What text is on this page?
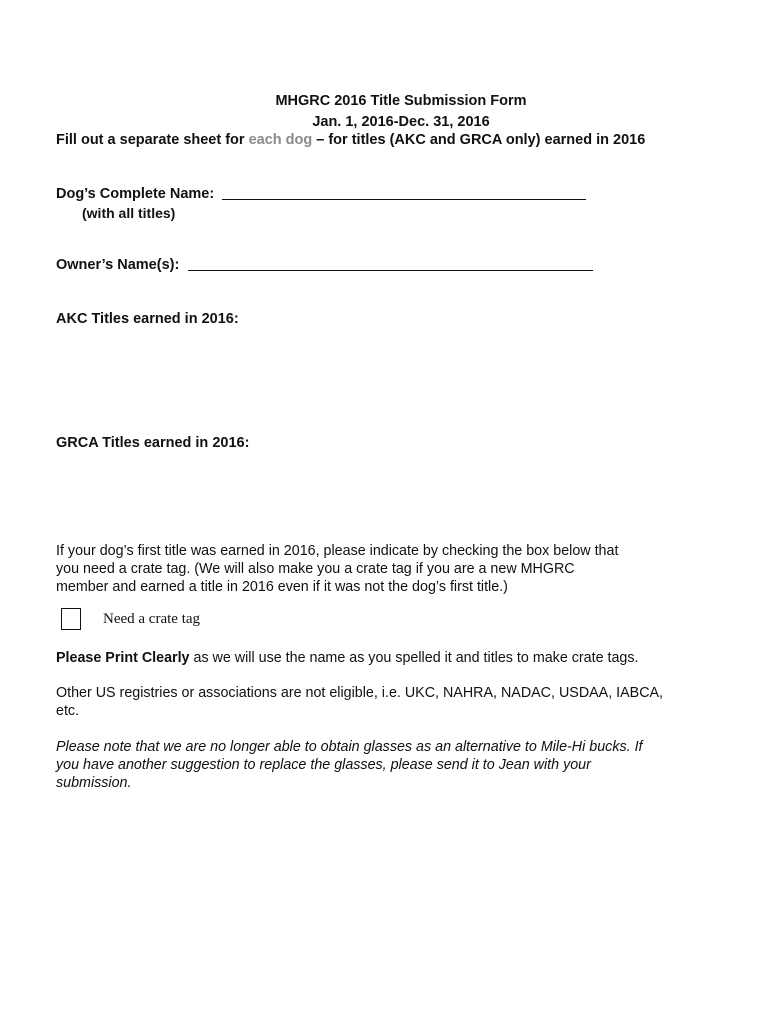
MHGRC 2016 Title Submission Form
Jan. 1, 2016-Dec. 31, 2016
Fill out a separate sheet for each dog – for titles (AKC and GRCA only) earned in 2016
Dog’s Complete Name:
(with all titles)
Owner’s Name(s):
AKC Titles earned in 2016:
GRCA Titles earned in 2016:
If your dog’s first title was earned in 2016, please indicate by checking the box below that
you need a crate tag. (We will also make you a crate tag if you are a new MHGRC
member and earned a title in 2016 even if it was not the dog’s first title.)
Need a crate tag
Please Print Clearly as we will use the name as you spelled it and titles to make crate tags.
Other US registries or associations are not eligible, i.e. UKC, NAHRA, NADAC, USDAA, IABCA,
etc.
Please note that we are no longer able to obtain glasses as an alternative to Mile-Hi bucks. If
you have another suggestion to replace the glasses, please send it to Jean with your
submission.
